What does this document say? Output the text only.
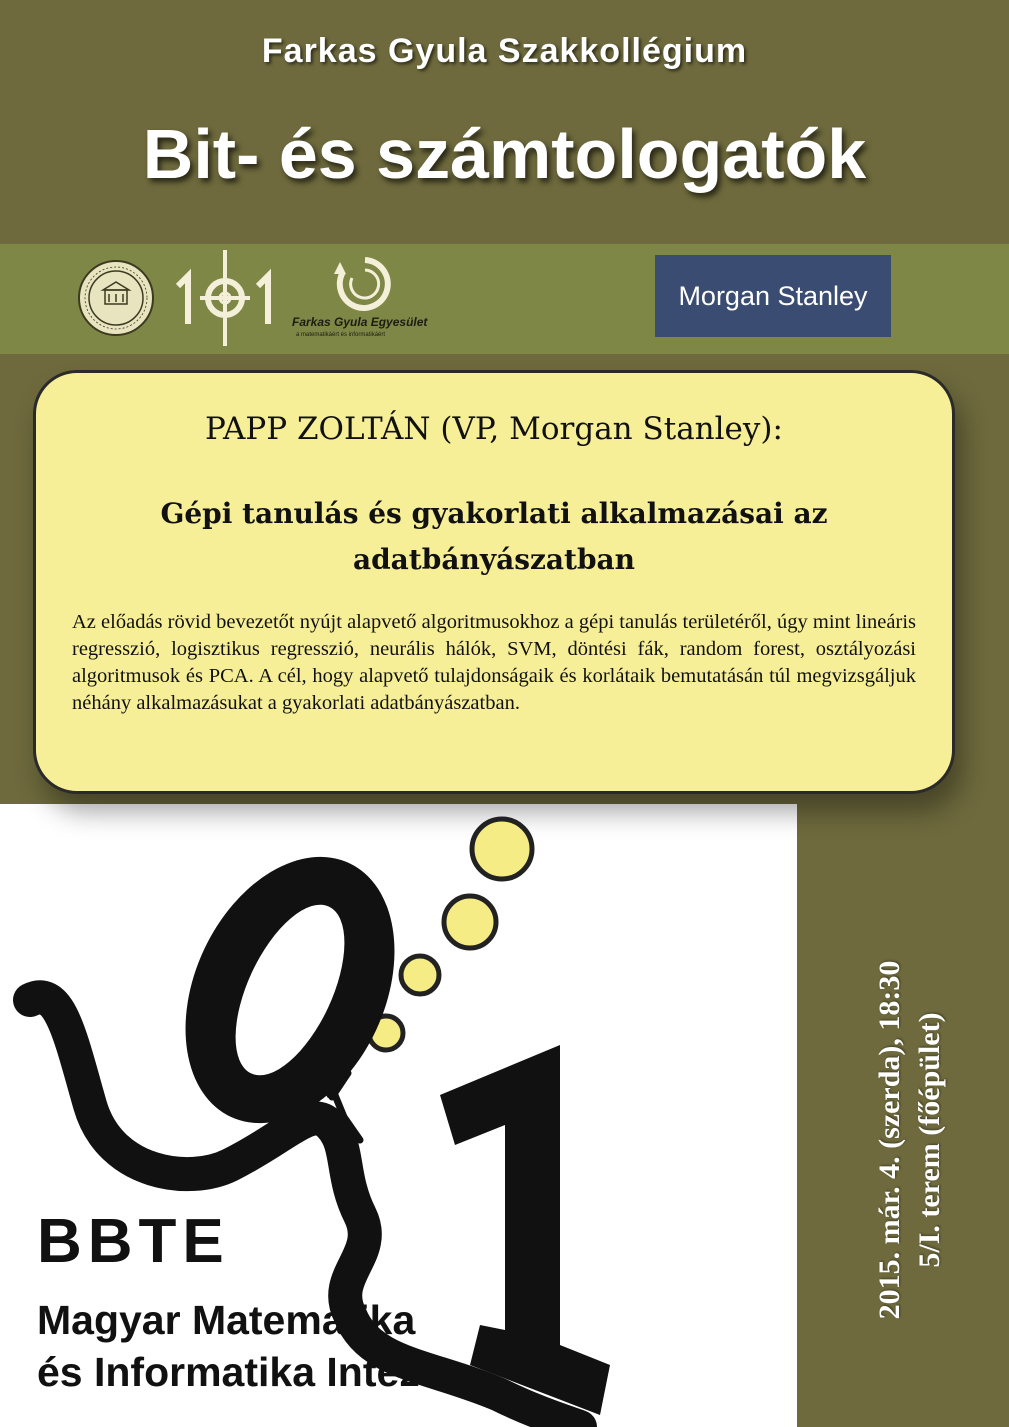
Farkas Gyula Szakkollégium
Bit- és számtologatók
Farkas Gyula Egyesület
a matematikáért és informatikáért
Morgan Stanley
PAPP ZOLTÁN (VP, Morgan Stanley):
Gépi tanulás és gyakorlati alkalmazásai az adatbányászatban
Az előadás rövid bevezetőt nyújt alapvető algoritmusokhoz a gépi tanulás területéről, úgy mint lineáris regresszió, logisztikus regresszió, neurális hálók, SVM, döntési fák, random forest, osztályozási algoritmusok és PCA. A cél, hogy alapvető tulajdonságaik és korlátaik bemutatásán túl megvizsgáljuk néhány alkalmazásukat a gyakorlati adatbányászatban.
2015. már. 4. (szerda), 18:30 5/I. terem (főépület)
BBTE
Magyar Matematika
és Informatika Intézet
